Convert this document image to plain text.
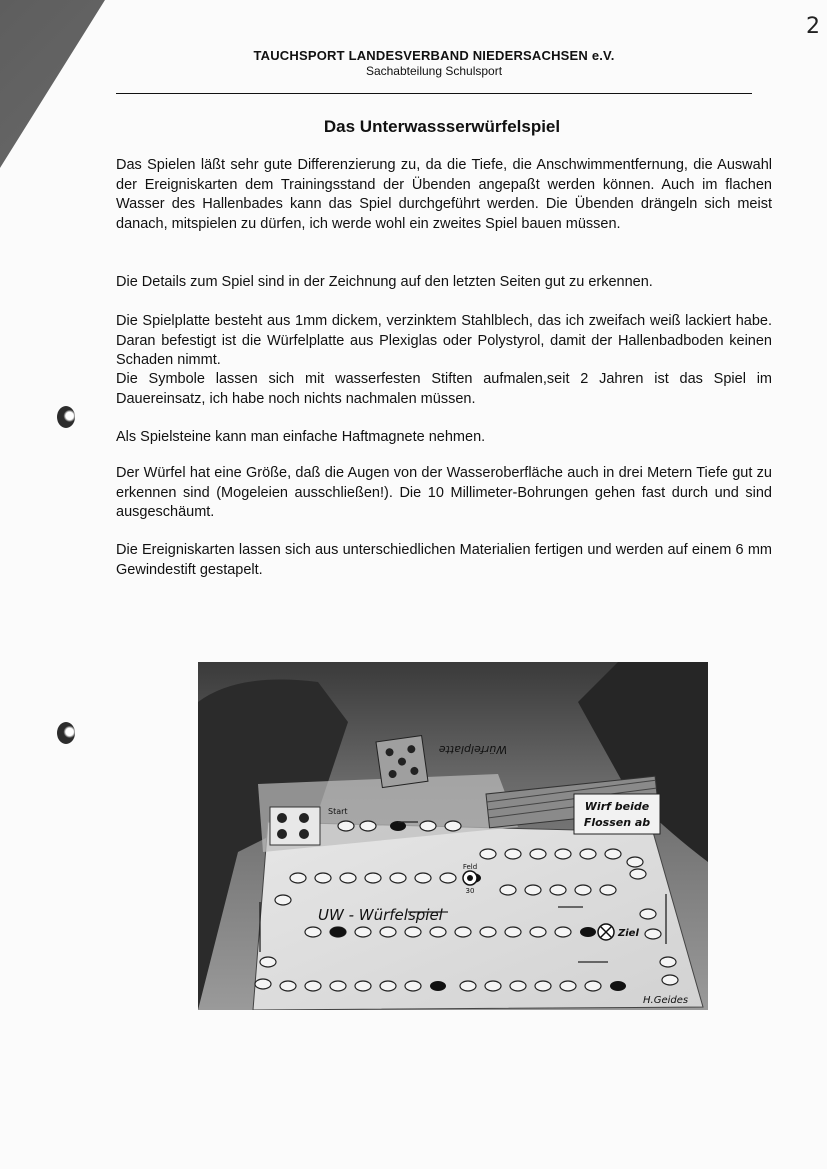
2
TAUCHSPORT LANDESVERBAND NIEDERSACHSEN e.V.
Sachabteilung Schulsport
Das Unterwassserwürfelspiel

Das Spielen läßt sehr gute Differenzierung zu, da die Tiefe, die Anschwimmentfernung, die Auswahl der Ereigniskarten dem Trainingsstand der Übenden angepaßt werden können. Auch im flachen Wasser des Hallenbades kann das Spiel durchgeführt werden. Die Übenden drängeln sich meist danach, mitspielen zu dürfen, ich werde wohl ein zweites Spiel bauen müssen.

Die Details zum Spiel sind in der Zeichnung auf den letzten Seiten gut zu erkennen.

Die Spielplatte besteht aus 1mm dickem, verzinktem Stahlblech, das ich zweifach weiß lackiert habe. Daran befestigt ist die Würfelplatte aus Plexiglas oder Polystyrol, damit der Hallenbadboden keinen Schaden nimmt.

Die Symbole lassen sich mit wasserfesten Stiften aufmalen,seit 2 Jahren ist das Spiel im Dauereinsatz, ich habe noch nichts nachmalen müssen.

Als Spielsteine kann man einfache Haftmagnete nehmen.

Der Würfel hat eine Größe, daß die Augen von der Wasseroberfläche auch in drei Metern Tiefe gut zu erkennen sind (Mogeleien ausschließen!). Die 10 Millimeter-Bohrungen gehen fast durch und sind ausgeschäumt.

Die Ereigniskarten lassen sich aus unterschiedlichen Materialien fertigen und werden auf einem 6 mm Gewindestift gestapelt.

Wirf beide
Flossen ab
Würfelplatte
Start
Feld
30
UW - Würfelspiel
Ziel
H.Geides
